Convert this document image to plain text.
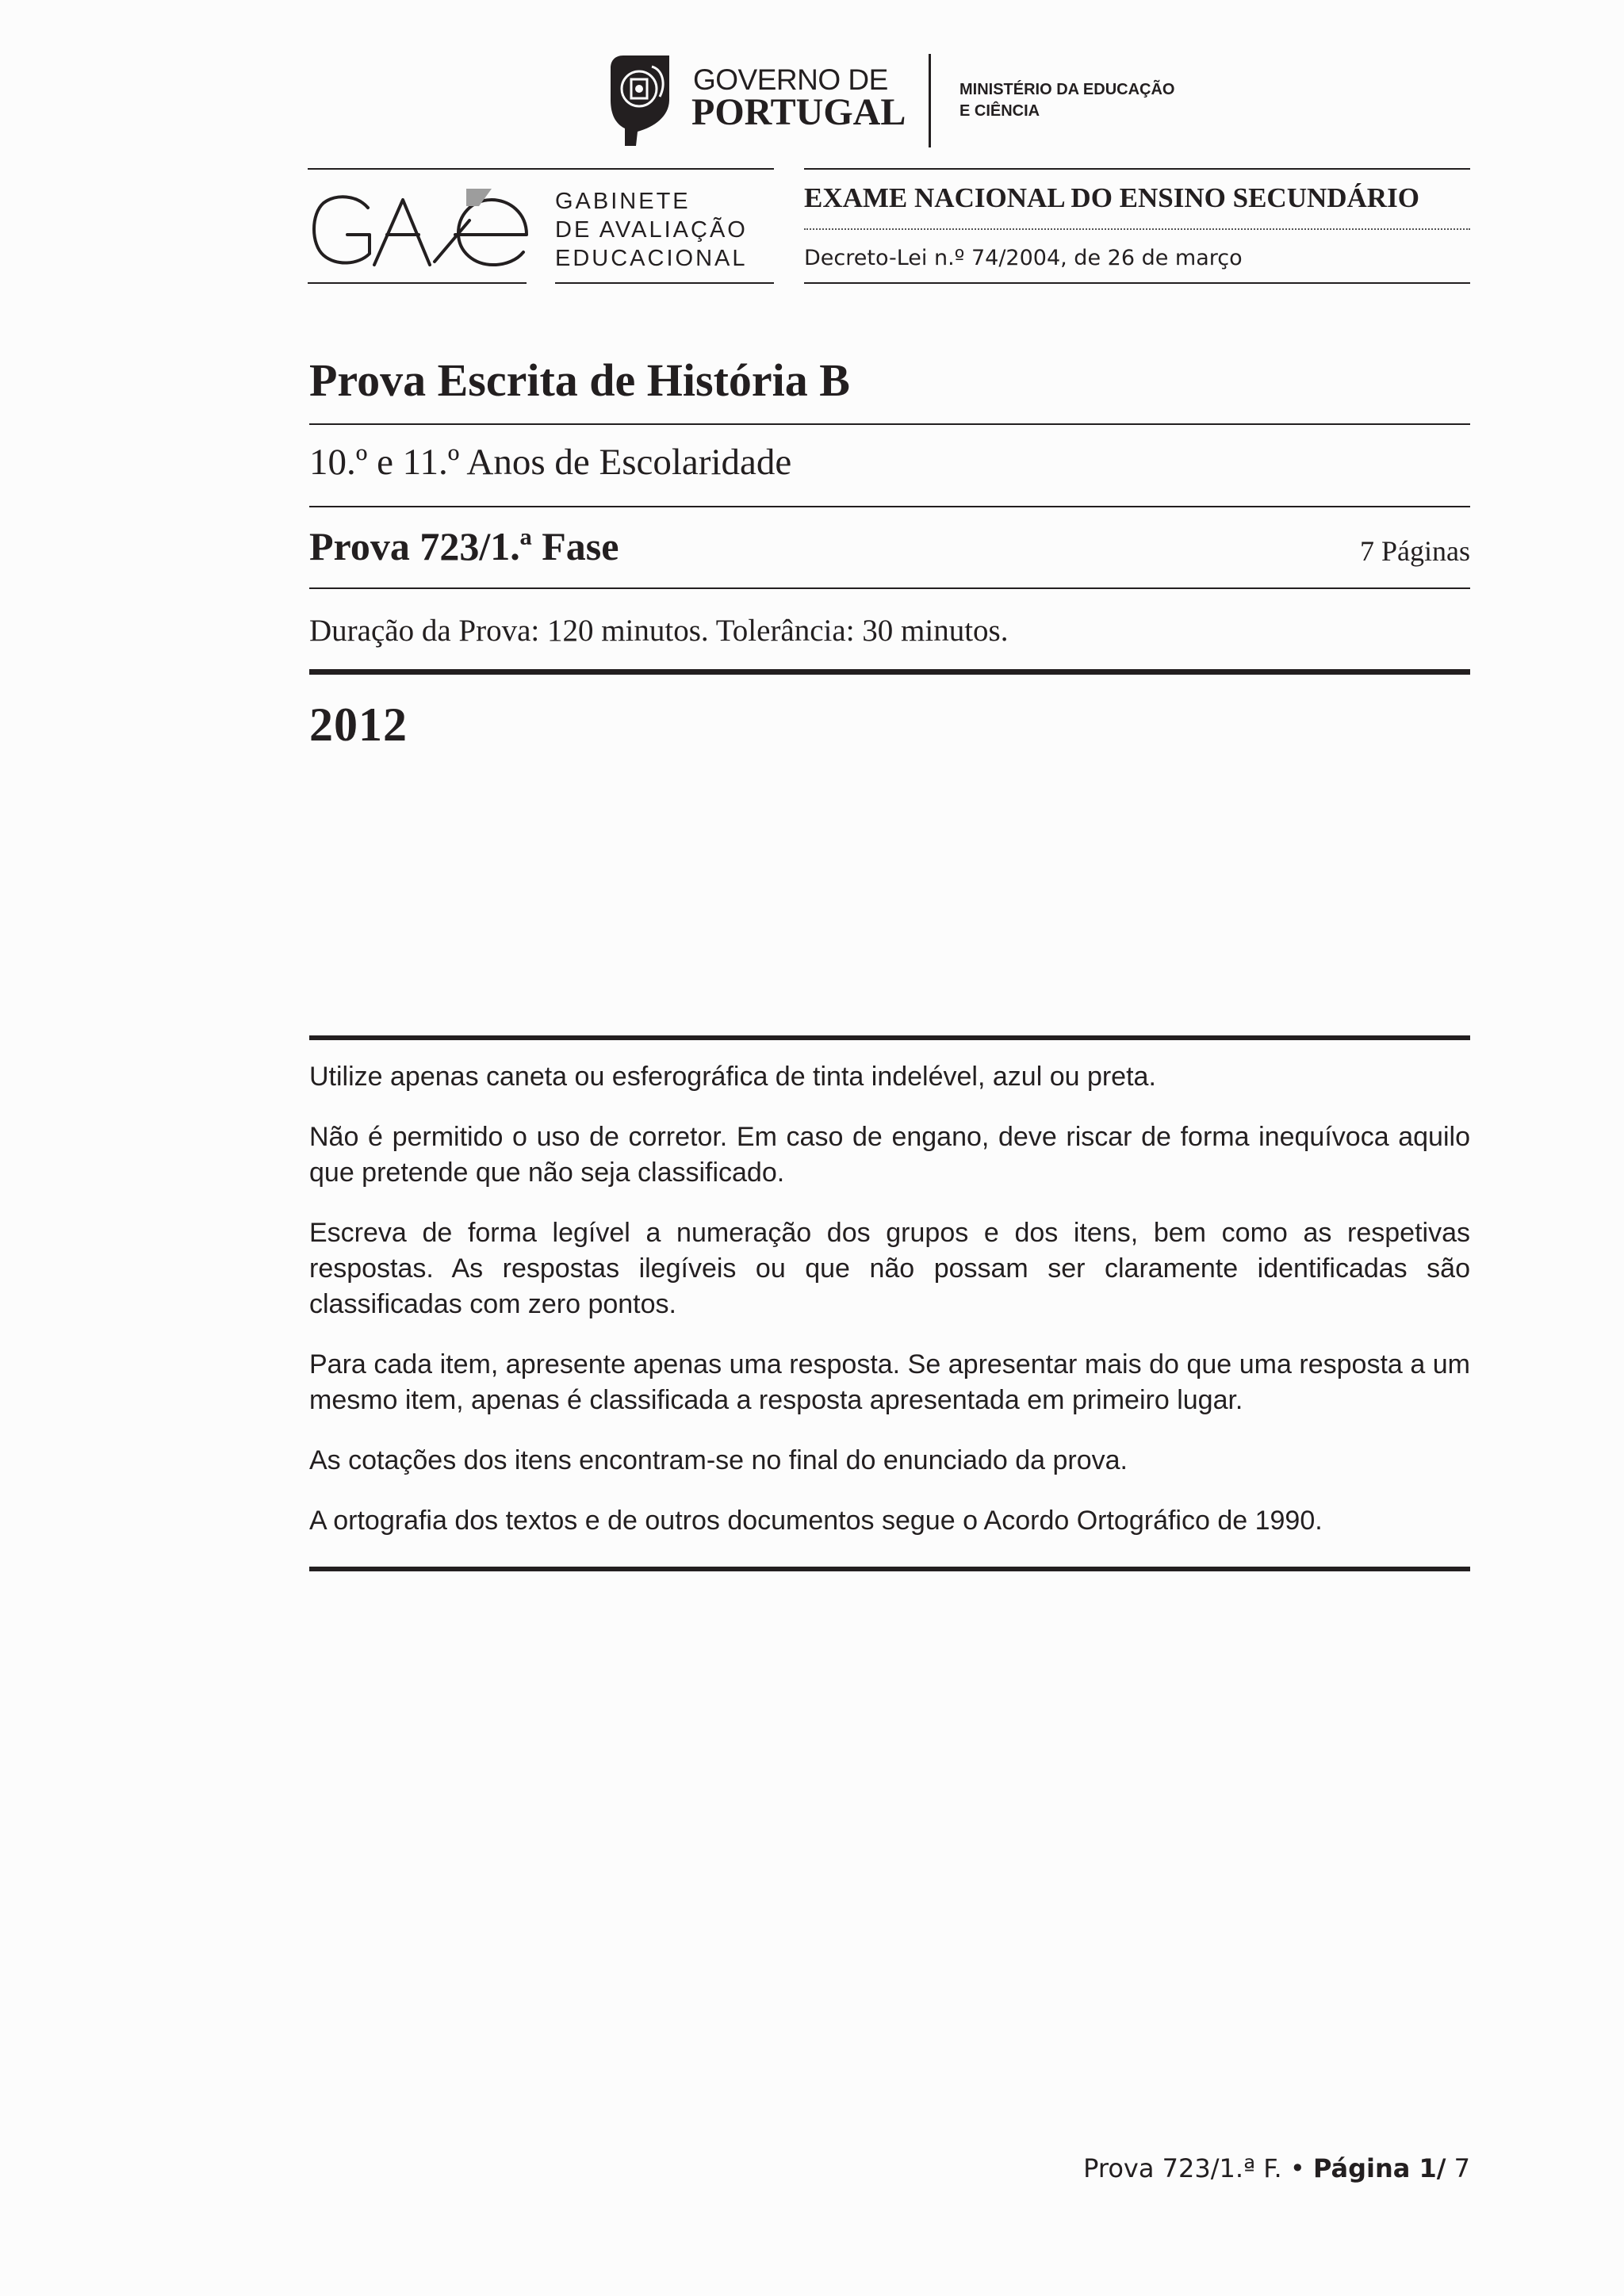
GOVERNO DE
PORTUGAL
MINISTÉRIO DA EDUCAÇÃO
E CIÊNCIA
GABINETE
DE AVALIAÇÃO
EDUCACIONAL
EXAME NACIONAL DO ENSINO SECUNDÁRIO
Decreto-Lei n.º 74/2004, de 26 de março
Prova Escrita de História B
10.º e 11.º Anos de Escolaridade
Prova 723/1.ª Fase	7 Páginas
Duração da Prova: 120 minutos. Tolerância: 30 minutos.
2012

Utilize apenas caneta ou esferográfica de tinta indelével, azul ou preta.

Não é permitido o uso de corretor. Em caso de engano, deve riscar de forma inequívoca aquilo que pretende que não seja classificado.

Escreva de forma legível a numeração dos grupos e dos itens, bem como as respetivas respostas. As respostas ilegíveis ou que não possam ser claramente identificadas são classificadas com zero pontos.

Para cada item, apresente apenas uma resposta. Se apresentar mais do que uma resposta a um mesmo item, apenas é classificada a resposta apresentada em primeiro lugar.

As cotações dos itens encontram-se no final do enunciado da prova.

A ortografia dos textos e de outros documentos segue o Acordo Ortográfico de 1990.

Prova 723/1.ª F. • Página 1/ 7
